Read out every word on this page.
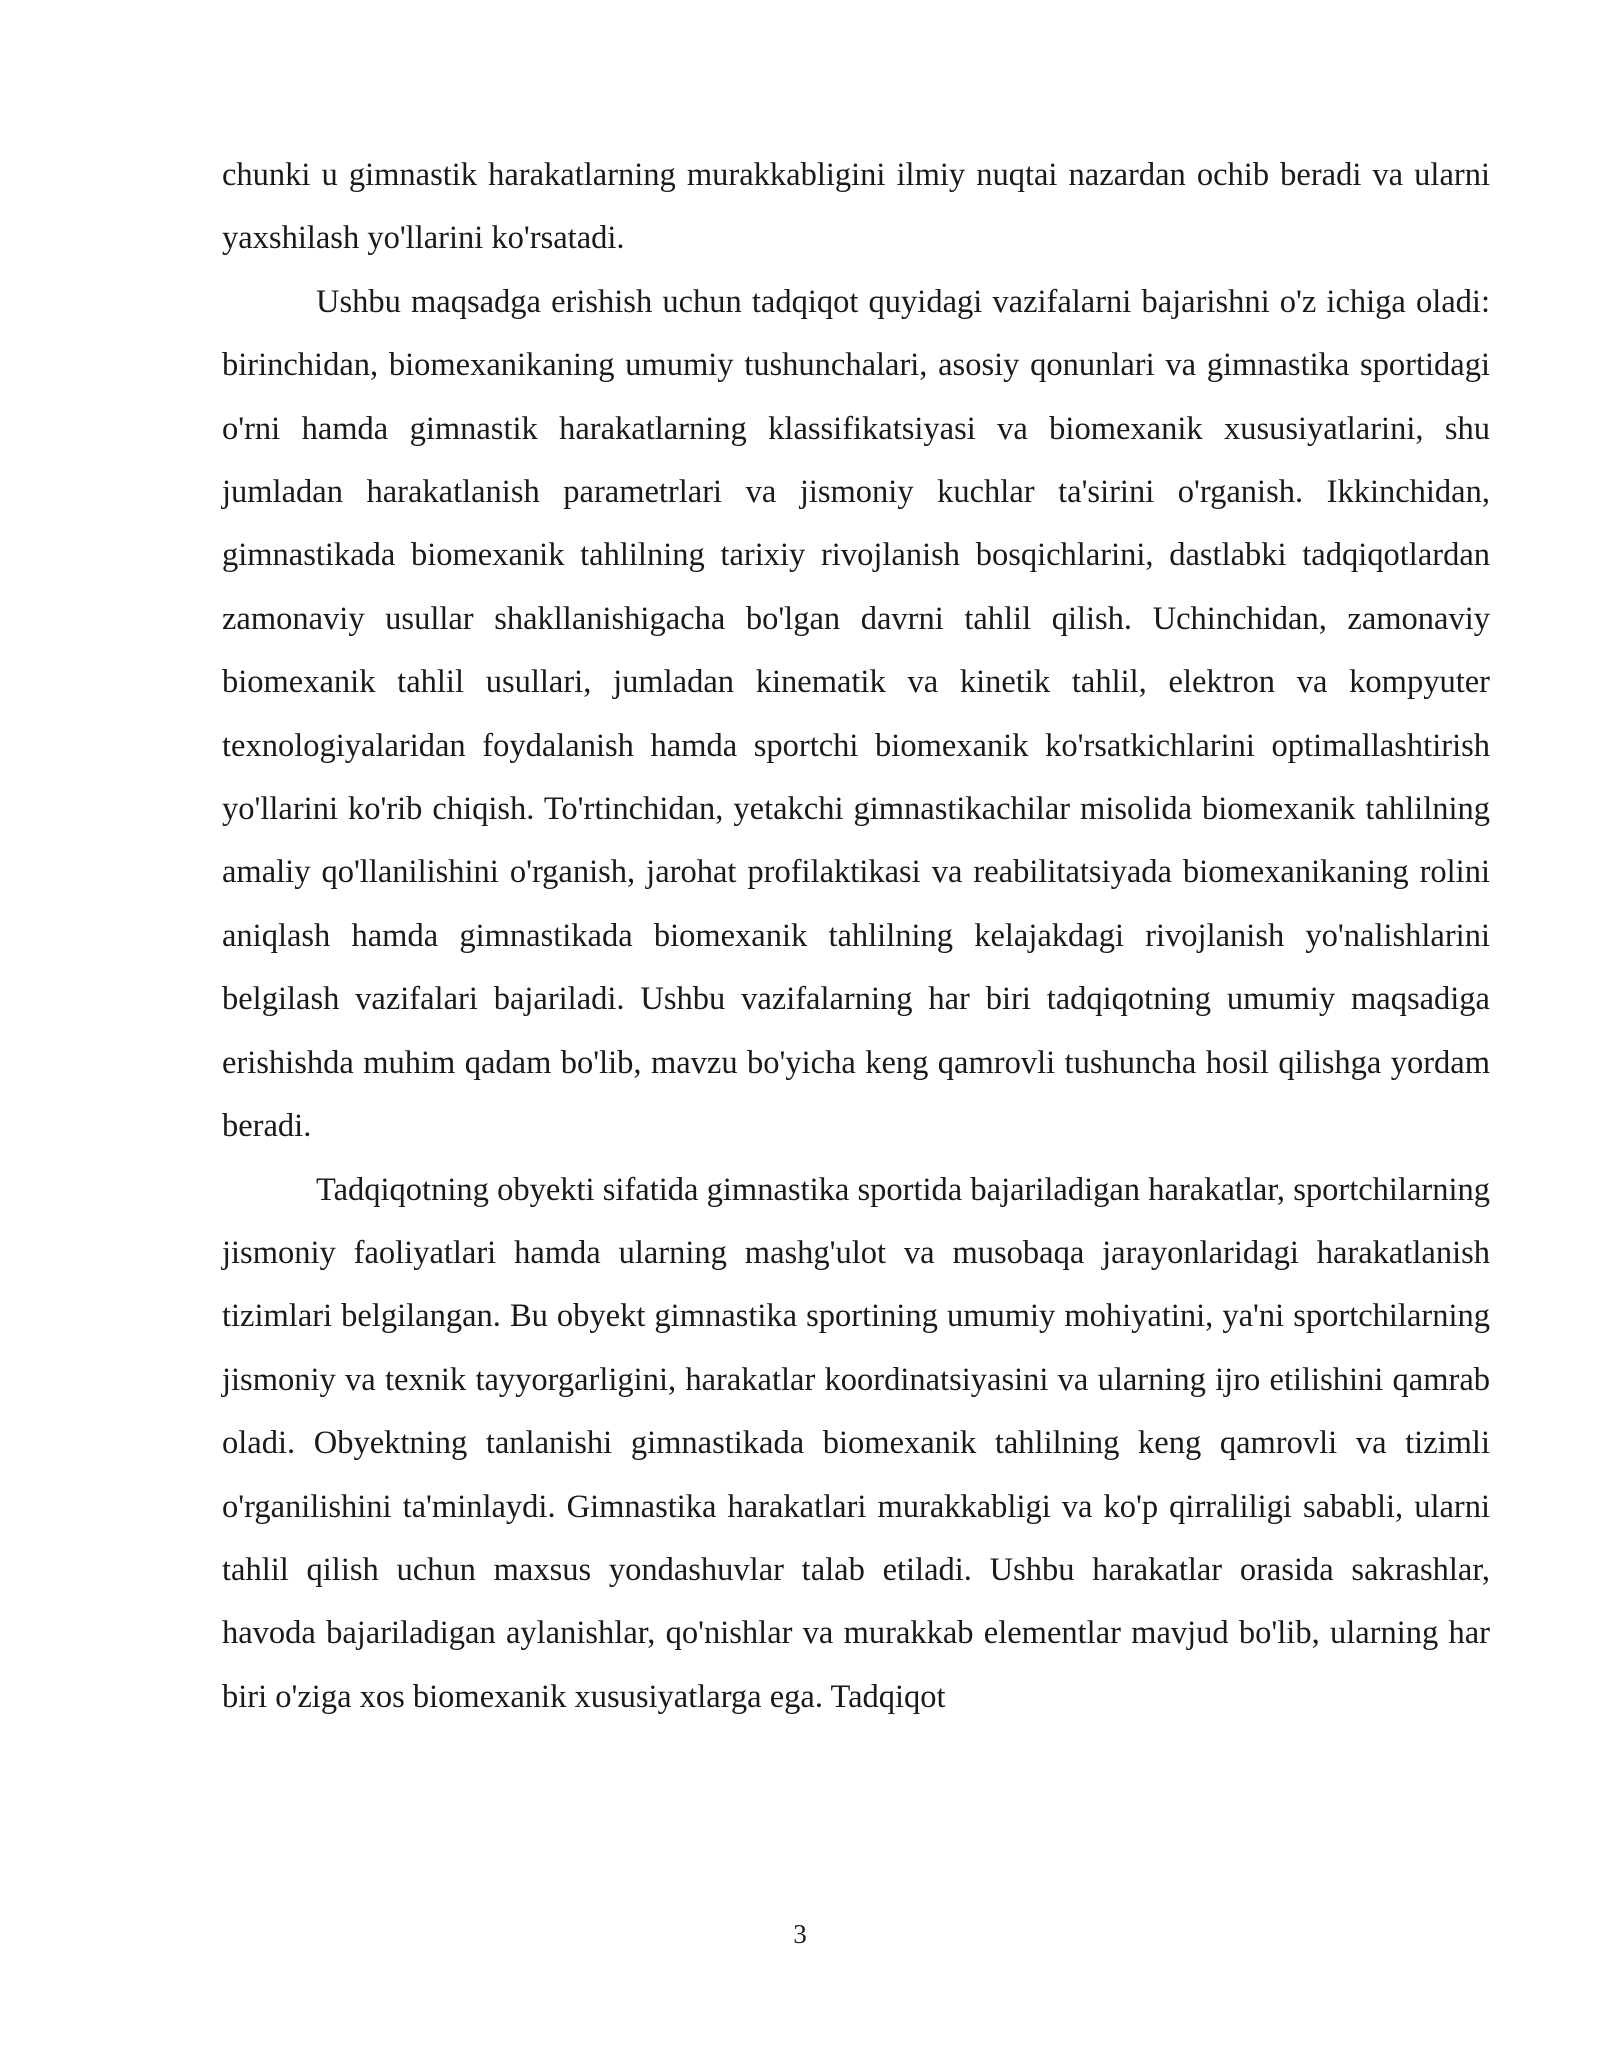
chunki u gimnastik harakatlarning murakkabligini ilmiy nuqtai nazardan ochib beradi va ularni yaxshilash yo'llarini ko'rsatadi.

Ushbu maqsadga erishish uchun tadqiqot quyidagi vazifalarni bajarishni o'z ichiga oladi: birinchidan, biomexanikaning umumiy tushunchalari, asosiy qonunlari va gimnastika sportidagi o'rni hamda gimnastik harakatlarning klassifikatsiyasi va biomexanik xususiyatlarini, shu jumladan harakatlanish parametrlari va jismoniy kuchlar ta'sirini o'rganish. Ikkinchidan, gimnastikada biomexanik tahlilning tarixiy rivojlanish bosqichlarini, dastlabki tadqiqotlardan zamonaviy usullar shakllanishigacha bo'lgan davrni tahlil qilish. Uchinchidan, zamonaviy biomexanik tahlil usullari, jumladan kinematik va kinetik tahlil, elektron va kompyuter texnologiyalaridan foydalanish hamda sportchi biomexanik ko'rsatkichlarini optimallashtirish yo'llarini ko'rib chiqish. To'rtinchidan, yetakchi gimnastikachilar misolida biomexanik tahlilning amaliy qo'llanilishini o'rganish, jarohat profilaktikasi va reabilitatsiyada biomexanikaning rolini aniqlash hamda gimnastikada biomexanik tahlilning kelajakdagi rivojlanish yo'nalishlarini belgilash vazifalari bajariladi. Ushbu vazifalarning har biri tadqiqotning umumiy maqsadiga erishishda muhim qadam bo'lib, mavzu bo'yicha keng qamrovli tushuncha hosil qilishga yordam beradi.

Tadqiqotning obyekti sifatida gimnastika sportida bajariladigan harakatlar, sportchilarning jismoniy faoliyatlari hamda ularning mashg'ulot va musobaqa jarayonlaridagi harakatlanish tizimlari belgilangan. Bu obyekt gimnastika sportining umumiy mohiyatini, ya'ni sportchilarning jismoniy va texnik tayyorgarligini, harakatlar koordinatsiyasini va ularning ijro etilishini qamrab oladi. Obyektning tanlanishi gimnastikada biomexanik tahlilning keng qamrovli va tizimli o'rganilishini ta'minlaydi. Gimnastika harakatlari murakkabligi va ko'p qirraliligi sababli, ularni tahlil qilish uchun maxsus yondashuvlar talab etiladi. Ushbu harakatlar orasida sakrashlar, havoda bajariladigan aylanishlar, qo'nishlar va murakkab elementlar mavjud bo'lib, ularning har biri o'ziga xos biomexanik xususiyatlarga ega. Tadqiqot

3
